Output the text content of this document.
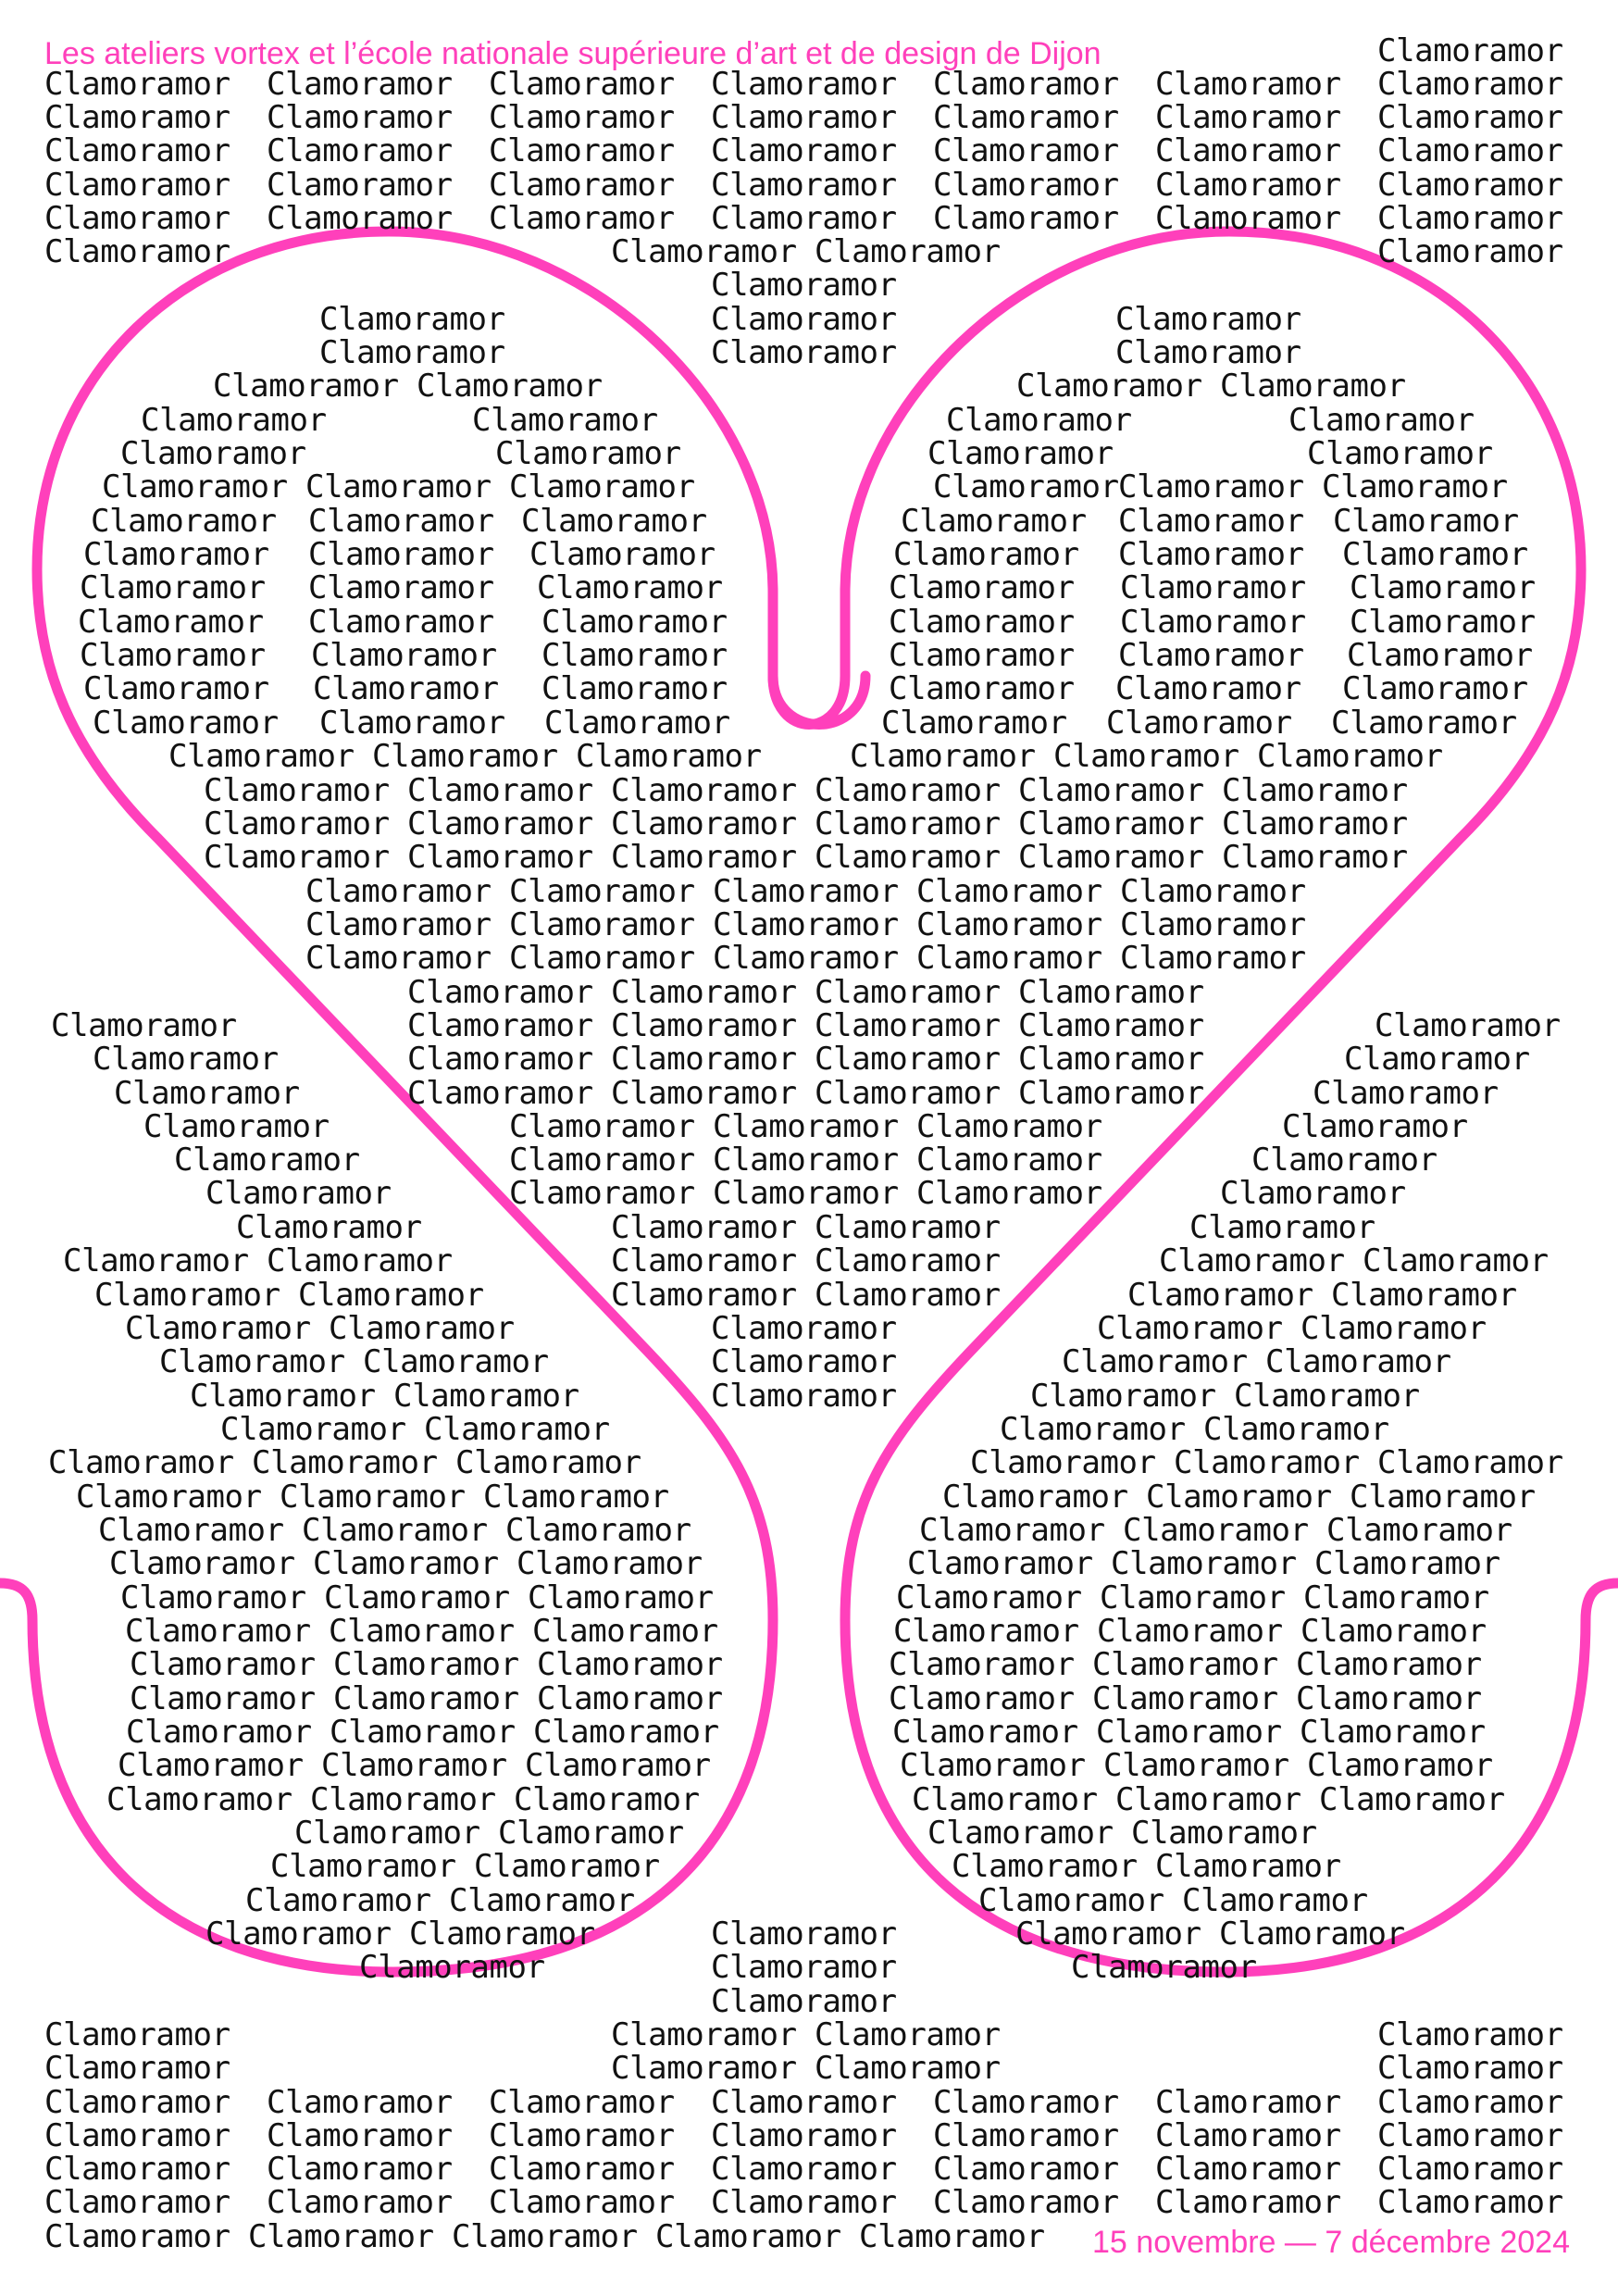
Clamoramor
Clamoramor Clamoramor Clamoramor Clamoramor Clamoramor Clamoramor Clamoramor
Clamoramor Clamoramor Clamoramor Clamoramor Clamoramor Clamoramor Clamoramor
Clamoramor Clamoramor Clamoramor Clamoramor Clamoramor Clamoramor Clamoramor
Clamoramor Clamoramor Clamoramor Clamoramor Clamoramor Clamoramor Clamoramor
Clamoramor Clamoramor Clamoramor Clamoramor Clamoramor Clamoramor Clamoramor
Clamoramor	Clamoramor Clamoramor	Clamoramor
Clamoramor
Clamoramor	Clamoramor	Clamoramor
Clamoramor	Clamoramor	Clamoramor
Clamoramor Clamoramor	Clamoramor Clamoramor
Clamoramor	Clamoramor	Clamoramor	Clamoramor
Clamoramor	Clamoramor	Clamoramor	Clamoramor
Clamoramor Clamoramor Clamoramor	Clamoramor Clamoramor Clamoramor
Clamoramor Clamoramor Clamoramor	Clamoramor Clamoramor Clamoramor
Clamoramor Clamoramor Clamoramor	Clamoramor Clamoramor Clamoramor
Clamoramor Clamoramor Clamoramor	Clamoramor Clamoramor Clamoramor
Clamoramor Clamoramor Clamoramor	Clamoramor Clamoramor Clamoramor
Clamoramor Clamoramor Clamoramor	Clamoramor Clamoramor Clamoramor
Clamoramor Clamoramor Clamoramor	Clamoramor Clamoramor Clamoramor
Clamoramor Clamoramor Clamoramor	Clamoramor Clamoramor Clamoramor
Clamoramor Clamoramor Clamoramor	Clamoramor Clamoramor Clamoramor
Clamoramor Clamoramor Clamoramor Clamoramor Clamoramor Clamoramor
Clamoramor Clamoramor Clamoramor Clamoramor Clamoramor Clamoramor
Clamoramor Clamoramor Clamoramor Clamoramor Clamoramor Clamoramor
Clamoramor Clamoramor Clamoramor Clamoramor Clamoramor
Clamoramor Clamoramor Clamoramor Clamoramor Clamoramor
Clamoramor Clamoramor Clamoramor Clamoramor Clamoramor
Clamoramor Clamoramor Clamoramor Clamoramor
Clamoramor	Clamoramor Clamoramor Clamoramor Clamoramor	Clamoramor
Clamoramor	Clamoramor Clamoramor Clamoramor Clamoramor	Clamoramor
Clamoramor	Clamoramor Clamoramor Clamoramor Clamoramor	Clamoramor
Clamoramor	Clamoramor Clamoramor Clamoramor	Clamoramor
Clamoramor	Clamoramor Clamoramor Clamoramor	Clamoramor
Clamoramor	Clamoramor Clamoramor Clamoramor	Clamoramor
Clamoramor	Clamoramor Clamoramor	Clamoramor
Clamoramor Clamoramor	Clamoramor Clamoramor	Clamoramor Clamoramor
Clamoramor Clamoramor	Clamoramor Clamoramor	Clamoramor Clamoramor
Clamoramor Clamoramor	Clamoramor	Clamoramor Clamoramor
Clamoramor Clamoramor	Clamoramor	Clamoramor Clamoramor
Clamoramor Clamoramor	Clamoramor	Clamoramor Clamoramor
Clamoramor Clamoramor	Clamoramor Clamoramor
Clamoramor Clamoramor Clamoramor	Clamoramor Clamoramor Clamoramor
Clamoramor Clamoramor Clamoramor	Clamoramor Clamoramor Clamoramor
Clamoramor Clamoramor Clamoramor	Clamoramor Clamoramor Clamoramor
Clamoramor Clamoramor Clamoramor	Clamoramor Clamoramor Clamoramor
Clamoramor Clamoramor Clamoramor	Clamoramor Clamoramor Clamoramor
Clamoramor Clamoramor Clamoramor	Clamoramor Clamoramor Clamoramor
Clamoramor Clamoramor Clamoramor	Clamoramor Clamoramor Clamoramor
Clamoramor Clamoramor Clamoramor	Clamoramor Clamoramor Clamoramor
Clamoramor Clamoramor Clamoramor	Clamoramor Clamoramor Clamoramor
Clamoramor Clamoramor Clamoramor	Clamoramor Clamoramor Clamoramor
Clamoramor Clamoramor Clamoramor	Clamoramor Clamoramor Clamoramor
Clamoramor Clamoramor	Clamoramor Clamoramor
Clamoramor Clamoramor	Clamoramor Clamoramor
Clamoramor Clamoramor	Clamoramor Clamoramor
Clamoramor Clamoramor	Clamoramor	Clamoramor Clamoramor
Clamoramor	Clamoramor	Clamoramor
Clamoramor
Clamoramor	Clamoramor Clamoramor	Clamoramor
Clamoramor	Clamoramor Clamoramor	Clamoramor
Clamoramor Clamoramor Clamoramor Clamoramor Clamoramor Clamoramor Clamoramor
Clamoramor Clamoramor Clamoramor Clamoramor Clamoramor Clamoramor Clamoramor
Clamoramor Clamoramor Clamoramor Clamoramor Clamoramor Clamoramor Clamoramor
Clamoramor Clamoramor Clamoramor Clamoramor Clamoramor Clamoramor Clamoramor
Clamoramor Clamoramor Clamoramor Clamoramor Clamoramor
Les ateliers vortex et l’école nationale supérieure d’art et de design de Dijon
15 novembre — 7 décembre 2024
